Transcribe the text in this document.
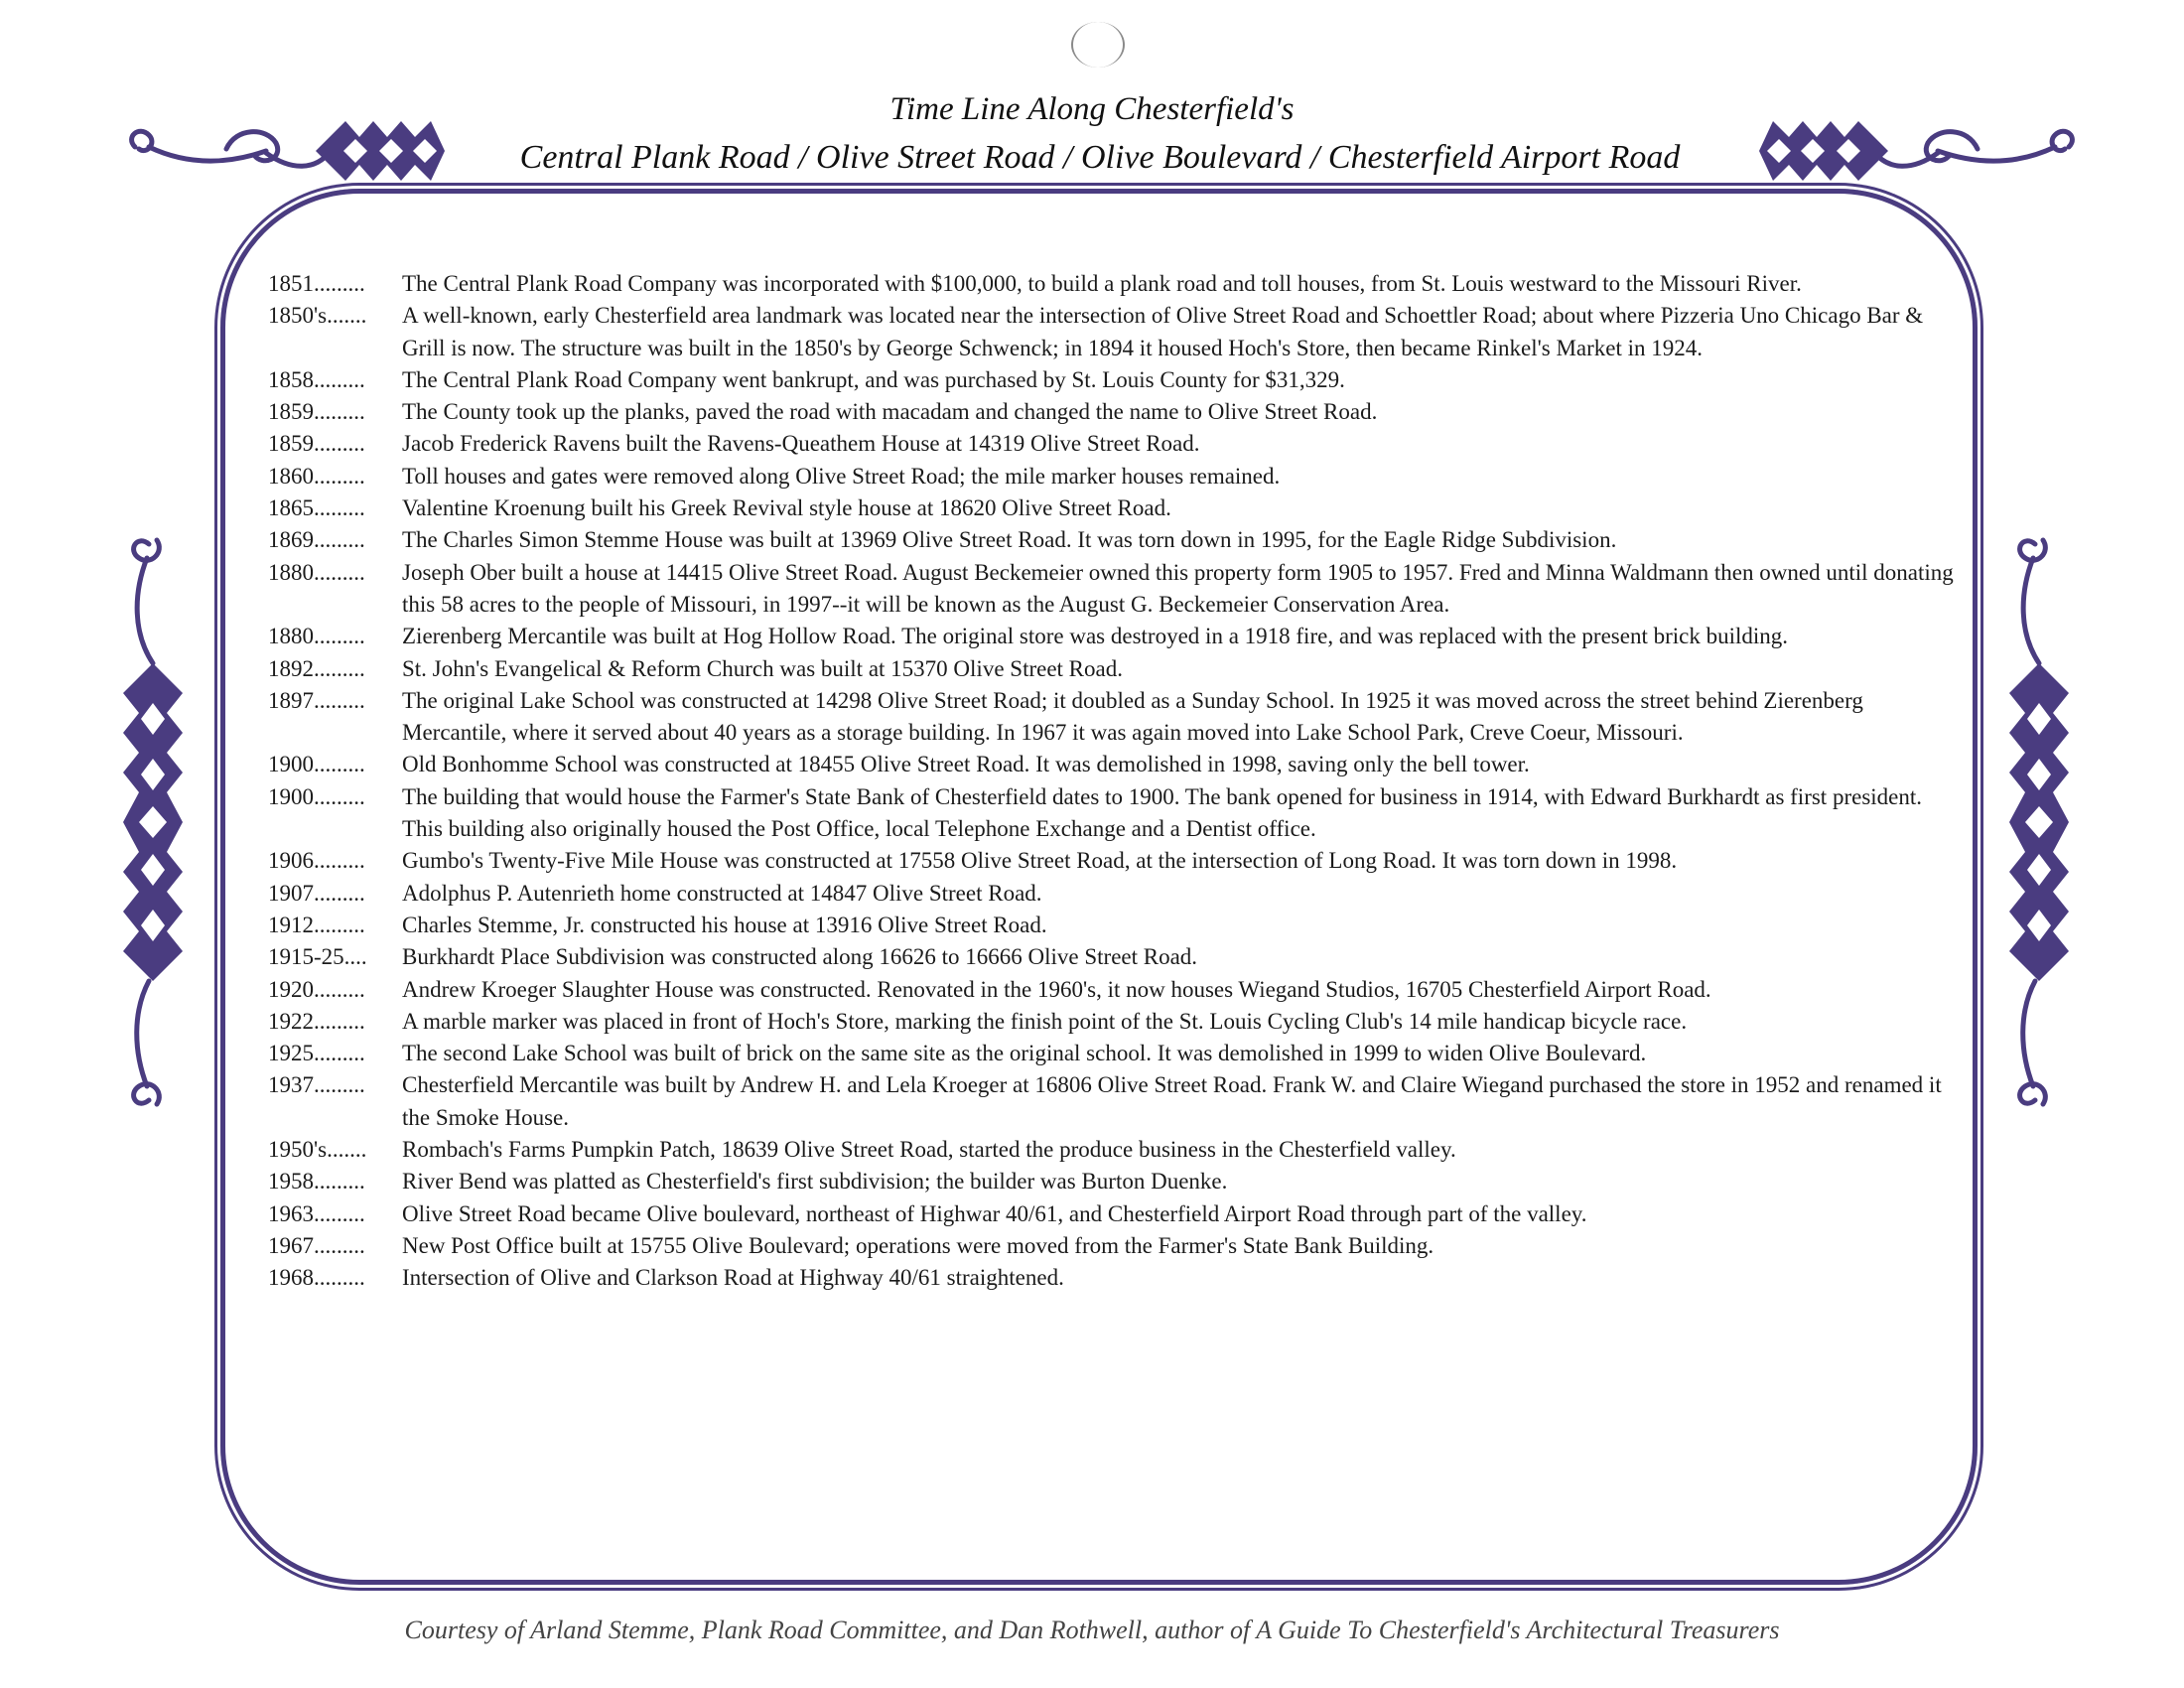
Time Line Along Chesterfield's
Central Plank Road / Olive Street Road / Olive Boulevard / Chesterfield Airport Road
1851.........	The Central Plank Road Company was incorporated with $100,000, to build a plank road and toll houses, from St. Louis westward to the Missouri River.
1850's.......	A well-known, early Chesterfield area landmark was located near the intersection of Olive Street Road and Schoettler Road; about where Pizzeria Uno Chicago Bar & Grill is now. The structure was built in the 1850's by George Schwenck; in 1894 it housed Hoch's Store, then became Rinkel's Market in 1924.
1858.........	The Central Plank Road Company went bankrupt, and was purchased by St. Louis County for $31,329.
1859.........	The County took up the planks, paved the road with macadam and changed the name to Olive Street Road.
1859.........	Jacob Frederick Ravens built the Ravens-Queathem House at 14319 Olive Street Road.
1860.........	Toll houses and gates were removed along Olive Street Road; the mile marker houses remained.
1865.........	Valentine Kroenung built his Greek Revival style house at 18620 Olive Street Road.
1869.........	The Charles Simon Stemme House was built at 13969 Olive Street Road. It was torn down in 1995, for the Eagle Ridge Subdivision.
1880.........	Joseph Ober built a house at 14415 Olive Street Road. August Beckemeier owned this property form 1905 to 1957. Fred and Minna Waldmann then owned until donating this 58 acres to the people of Missouri, in 1997--it will be known as the August G. Beckemeier Conservation Area.
1880.........	Zierenberg Mercantile was built at Hog Hollow Road. The original store was destroyed in a 1918 fire, and was replaced with the present brick building.
1892.........	St. John's Evangelical & Reform Church was built at 15370 Olive Street Road.
1897.........	The original Lake School was constructed at 14298 Olive Street Road; it doubled as a Sunday School. In 1925 it was moved across the street behind Zierenberg Mercantile, where it served about 40 years as a storage building. In 1967 it was again moved into Lake School Park, Creve Coeur, Missouri.
1900.........	Old Bonhomme School was constructed at 18455 Olive Street Road. It was demolished in 1998, saving only the bell tower.
1900.........	The building that would house the Farmer's State Bank of Chesterfield dates to 1900. The bank opened for business in 1914, with Edward Burkhardt as first president. This building also originally housed the Post Office, local Telephone Exchange and a Dentist office.
1906.........	Gumbo's Twenty-Five Mile House was constructed at 17558 Olive Street Road, at the intersection of Long Road. It was torn down in 1998.
1907.........	Adolphus P. Autenrieth home constructed at 14847 Olive Street Road.
1912.........	Charles Stemme, Jr. constructed his house at 13916 Olive Street Road.
1915-25....	Burkhardt Place Subdivision was constructed along 16626 to 16666 Olive Street Road.
1920.........	Andrew Kroeger Slaughter House was constructed. Renovated in the 1960's, it now houses Wiegand Studios, 16705 Chesterfield Airport Road.
1922.........	A marble marker was placed in front of Hoch's Store, marking the finish point of the St. Louis Cycling Club's 14 mile handicap bicycle race.
1925.........	The second Lake School was built of brick on the same site as the original school. It was demolished in 1999 to widen Olive Boulevard.
1937.........	Chesterfield Mercantile was built by Andrew H. and Lela Kroeger at 16806 Olive Street Road. Frank W. and Claire Wiegand purchased the store in 1952 and renamed it the Smoke House.
1950's.......	Rombach's Farms Pumpkin Patch, 18639 Olive Street Road, started the produce business in the Chesterfield valley.
1958.........	River Bend was platted as Chesterfield's first subdivision; the builder was Burton Duenke.
1963.........	Olive Street Road became Olive boulevard, northeast of Highwar 40/61, and Chesterfield Airport Road through part of the valley.
1967.........	New Post Office built at 15755 Olive Boulevard; operations were moved from the Farmer's State Bank Building.
1968.........	Intersection of Olive and Clarkson Road at Highway 40/61 straightened.
Courtesy of Arland Stemme, Plank Road Committee, and Dan Rothwell, author of A Guide To Chesterfield's Architectural Treasurers
